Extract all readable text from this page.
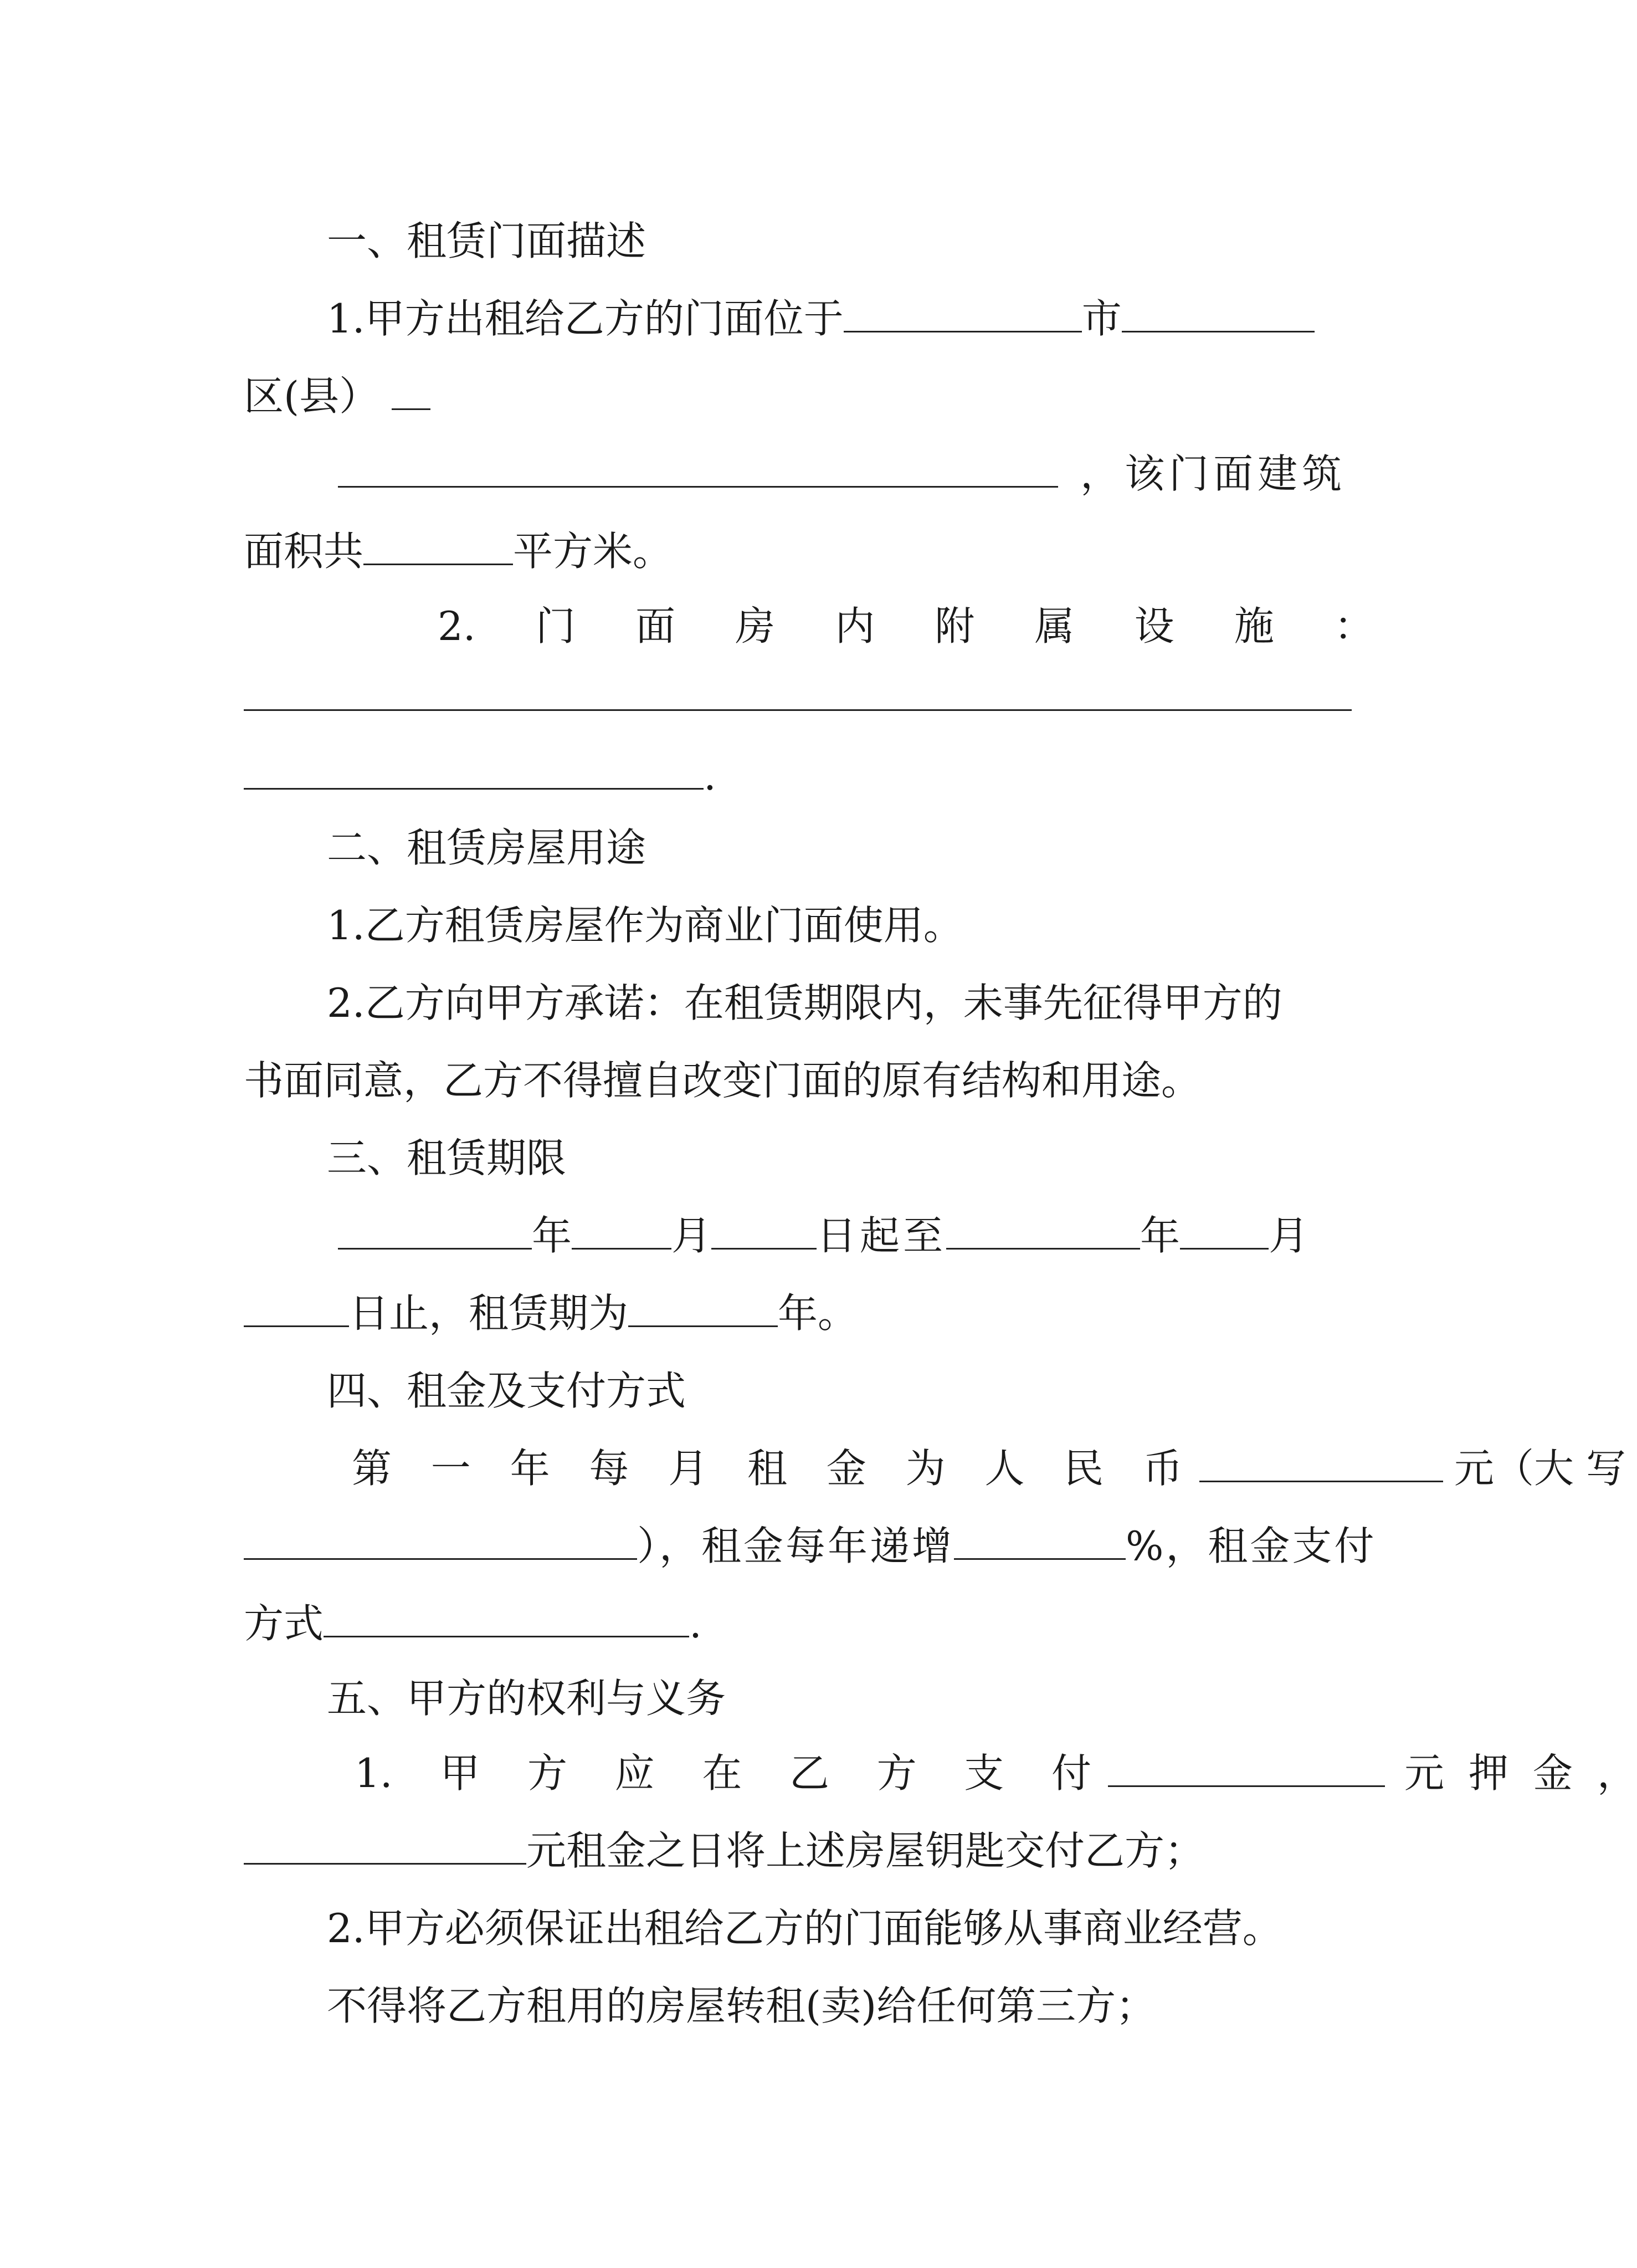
一、租赁门面描述
1.甲方出租给乙方的门面位于	市
区(县）
，该门面建筑
面积共	平方米。
2. 门 面 房 内 附 属 设 施 ：
.
二、租赁房屋用途
1.乙方租赁房屋作为商业门面使用。
2.乙方向甲方承诺：在租赁期限内，未事先征得甲方的
书面同意，乙方不得擅自改变门面的原有结构和用途。
三、租赁期限
年	月	日起至	年 月
日止，租赁期为	年。
四、租金及支付方式
第 一 年 每 月 租 金 为 人 民 币	元（大 写
），租金每年递增	%，租金支付
方式	.
五、甲方的权利与义务
1. 甲 方 应 在 乙 方 支 付	元 押 金 ，
元租金之日将上述房屋钥匙交付乙方；
2.甲方必须保证出租给乙方的门面能够从事商业经营。
不得将乙方租用的房屋转租(卖)给任何第三方；
